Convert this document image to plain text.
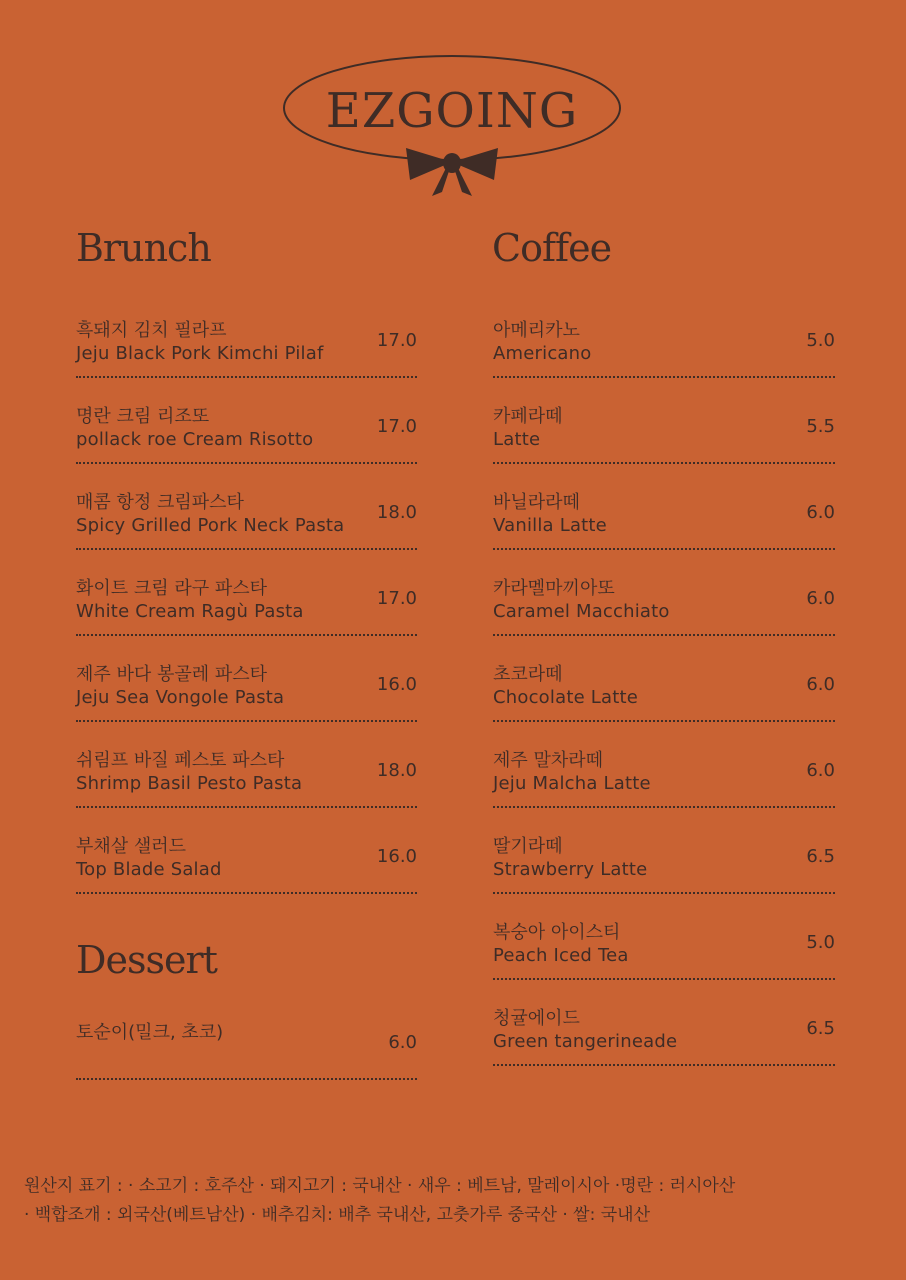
EZGOING
Brunch	Coffee
Dessert
흑돼지 김치 필라프
Jeju Black Pork Kimchi Pilaf
17.0
명란 크림 리조또
pollack roe Cream Risotto
17.0
매콤 항정 크림파스타
Spicy Grilled Pork Neck Pasta
18.0
화이트 크림 라구 파스타
White Cream Ragù Pasta
17.0
제주 바다 봉골레 파스타
Jeju Sea Vongole Pasta
16.0
쉬림프 바질 페스토 파스타
Shrimp Basil Pesto Pasta
18.0
부채살 샐러드
Top Blade Salad
16.0
아메리카노
Americano
5.0
카페라떼
Latte
5.5
바닐라라떼
Vanilla Latte
6.0
카라멜마끼아또
Caramel Macchiato
6.0
초코라떼
Chocolate Latte
6.0
제주 말차라떼
Jeju Malcha Latte
6.0
딸기라떼
Strawberry Latte
6.5
복숭아 아이스티
Peach Iced Tea
5.0
청귤에이드
Green tangerineade
6.5
토순이(밀크, 초코)	6.0
원산지 표기 : · 소고기 : 호주산 · 돼지고기 : 국내산 · 새우 : 베트남, 말레이시아 ·명란 : 러시아산
· 백합조개 : 외국산(베트남산) · 배추김치: 배추 국내산, 고춧가루 중국산 · 쌀: 국내산
